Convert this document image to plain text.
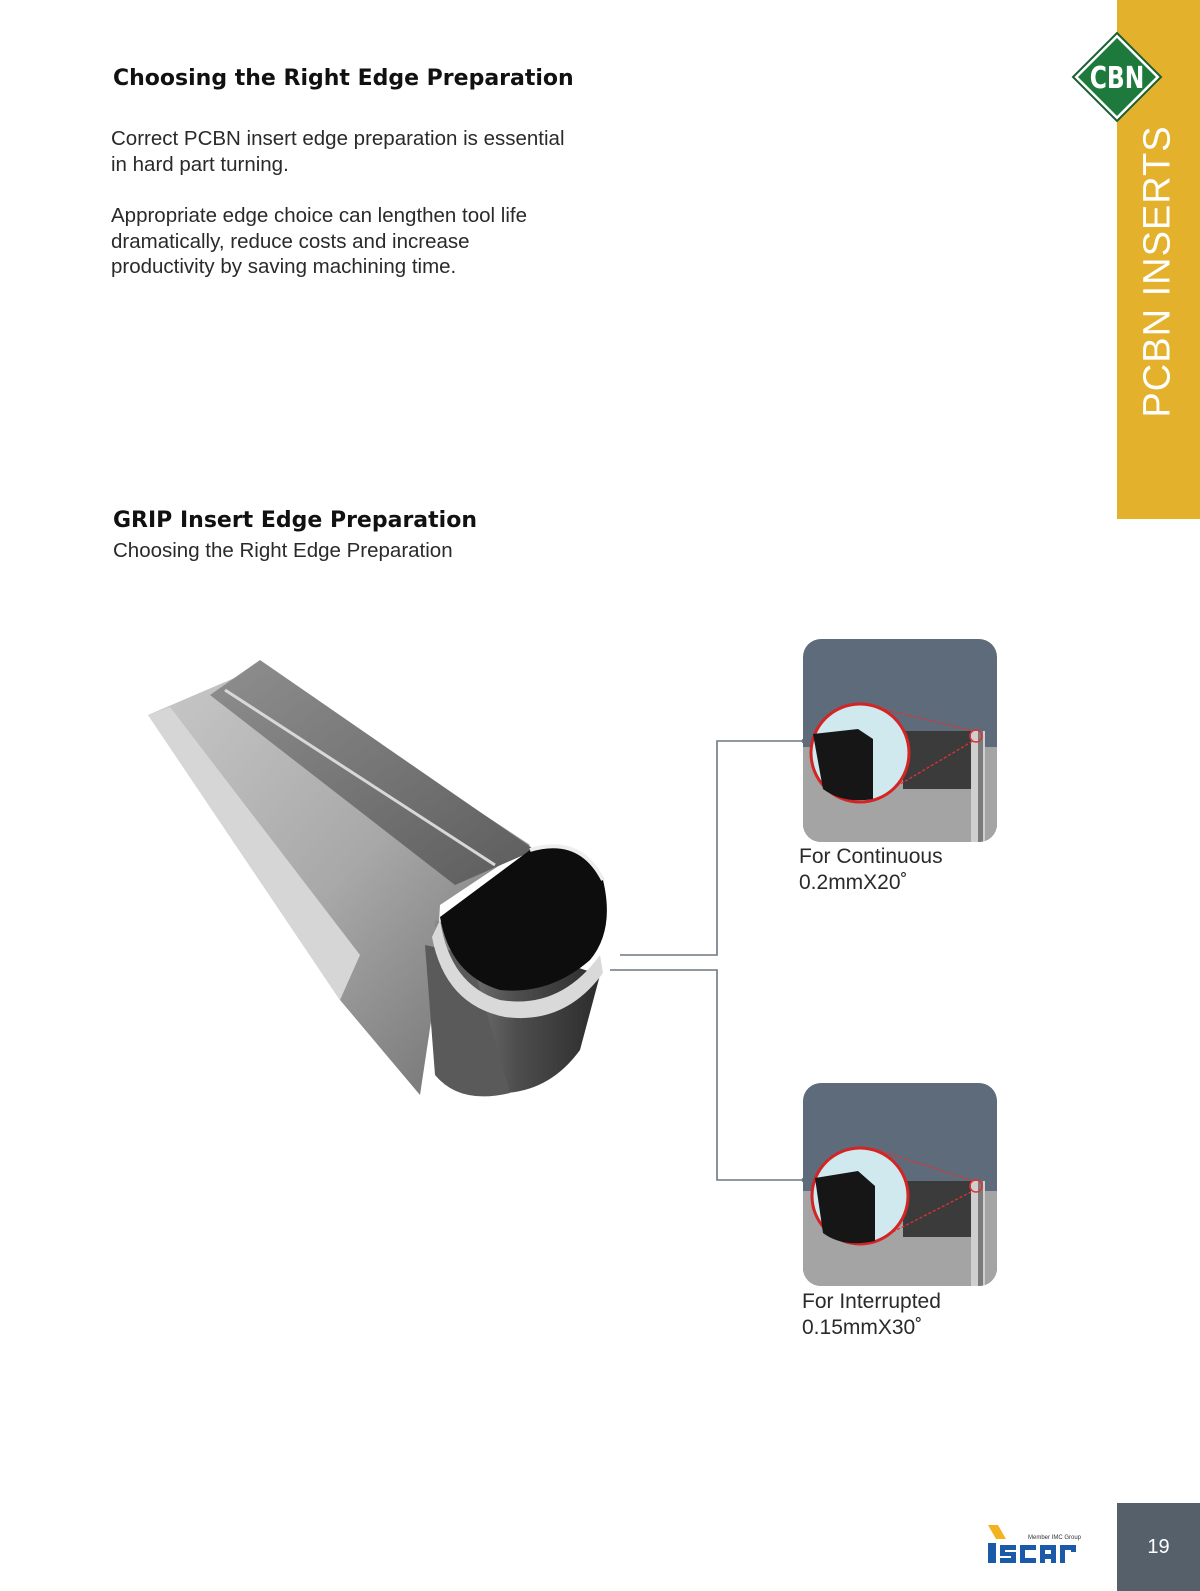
PCBN INSERTS
CBN
Choosing the Right Edge Preparation
Correct PCBN insert edge preparation is essential in hard part turning.
Appropriate edge choice can lengthen tool life dramatically, reduce costs and increase productivity by saving machining time.
GRIP Insert Edge Preparation
Choosing the Right Edge Preparation
For Continuous
0.2mmX20˚
For Interrupted
0.15mmX30˚
Member IMC Group	19
